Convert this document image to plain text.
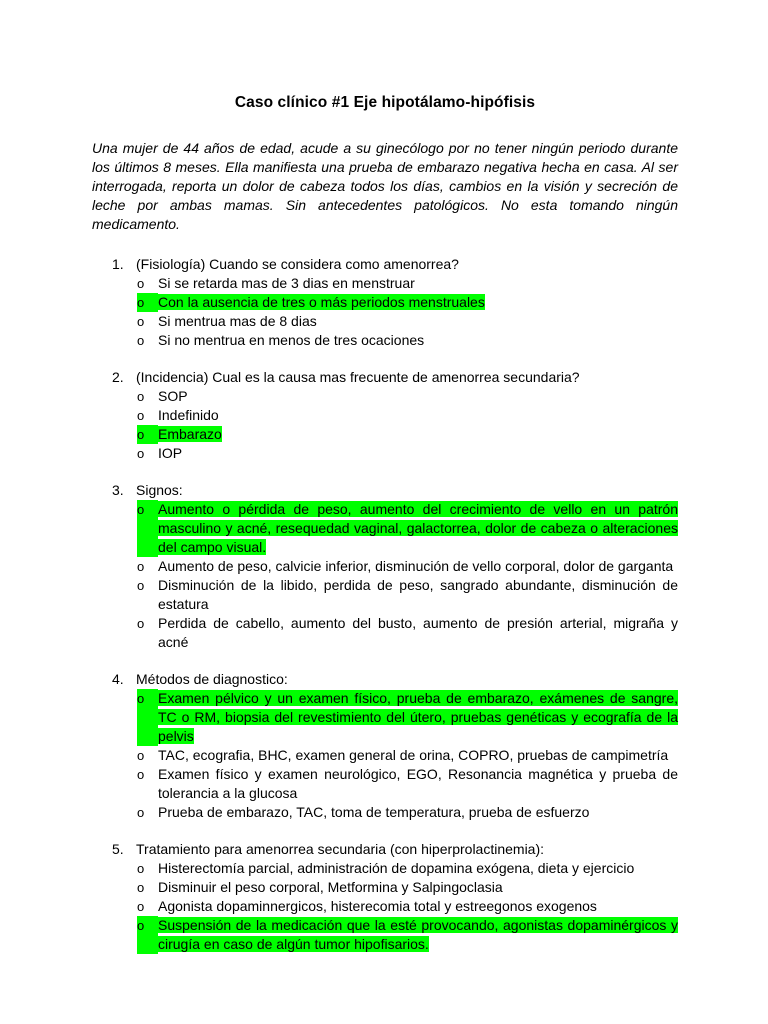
Caso clínico #1 Eje hipotálamo-hipófisis

Una mujer de 44 años de edad, acude a su ginecólogo por no tener ningún periodo durante los últimos 8 meses. Ella manifiesta una prueba de embarazo negativa hecha en casa. Al ser interrogada, reporta un dolor de cabeza todos los días, cambios en la visión y secreción de leche por ambas mamas. Sin antecedentes patológicos. No esta tomando ningún medicamento.

1. (Fisiología) Cuando se considera como amenorrea?
o Si se retarda mas de 3 dias en menstruar
o Con la ausencia de tres o más periodos menstruales
o Si mentrua mas de 8 dias
o Si no mentrua en menos de tres ocaciones
2. (Incidencia) Cual es la causa mas frecuente de amenorrea secundaria?
o SOP
o Indefinido
o Embarazo
o IOP
3. Signos:
o Aumento o pérdida de peso, aumento del crecimiento de vello en un patrón masculino y acné, resequedad vaginal, galactorrea, dolor de cabeza o alteraciones del campo visual.
o Aumento de peso, calvicie inferior, disminución de vello corporal, dolor de garganta
o Disminución de la libido, perdida de peso, sangrado abundante, disminución de estatura
o Perdida de cabello, aumento del busto, aumento de presión arterial, migraña y acné
4. Métodos de diagnostico:
o Examen pélvico y un examen físico, prueba de embarazo, exámenes de sangre, TC o RM, biopsia del revestimiento del útero, pruebas genéticas y ecografía de la pelvis
o TAC, ecografia, BHC, examen general de orina, COPRO, pruebas de campimetría
o Examen físico y examen neurológico, EGO, Resonancia magnética y prueba de tolerancia a la glucosa
o Prueba de embarazo, TAC, toma de temperatura, prueba de esfuerzo
5. Tratamiento para amenorrea secundaria (con hiperprolactinemia):
o Histerectomía parcial, administración de dopamina exógena, dieta y ejercicio
o Disminuir el peso corporal, Metformina y Salpingoclasia
o Agonista dopaminnergicos, histerecomia total y estreegonos exogenos
o Suspensión de la medicación que la esté provocando, agonistas dopaminérgicos y cirugía en caso de algún tumor hipofisarios.
